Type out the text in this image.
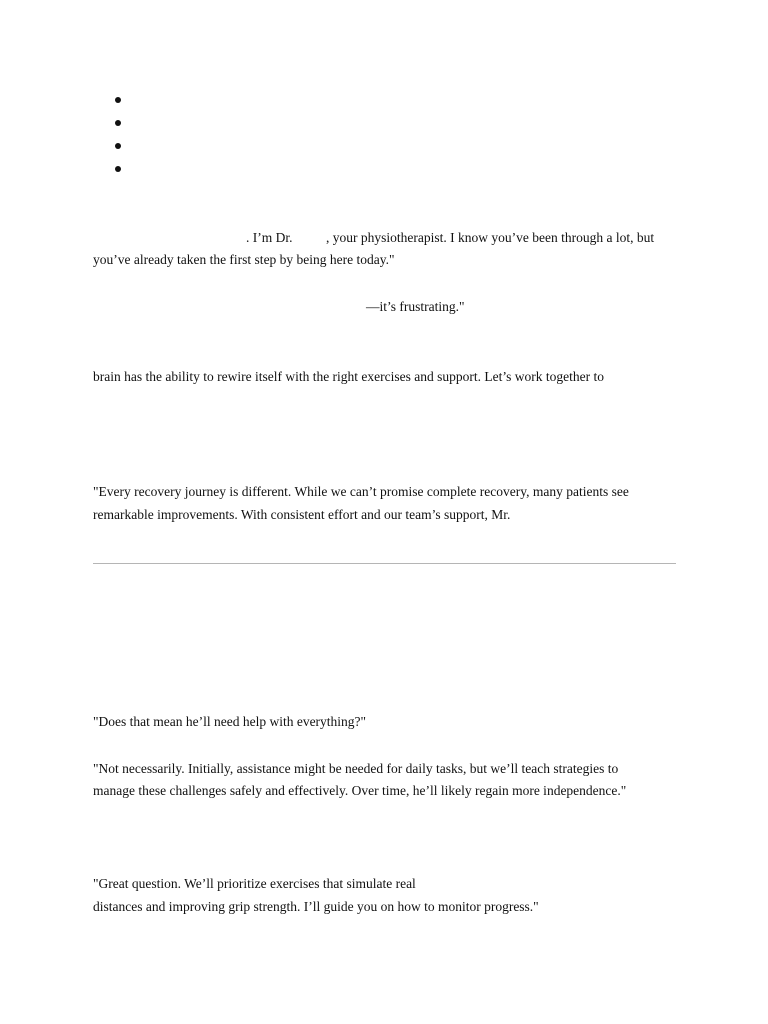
. I’m Dr. , your physiotherapist. I know you’ve been through a lot, but
you’ve already taken the first step by being here today."
—it’s frustrating."
brain has the ability to rewire itself with the right exercises and support. Let’s work together to
"Every recovery journey is different. While we can’t promise complete recovery, many patients see
remarkable improvements. With consistent effort and our team’s support, Mr.
"Does that mean he’ll need help with everything?"
"Not necessarily. Initially, assistance might be needed for daily tasks, but we’ll teach strategies to
manage these challenges safely and effectively. Over time, he’ll likely regain more independence."
"Great question. We’ll prioritize exercises that simulate real
distances and improving grip strength. I’ll guide you on how to monitor progress."
